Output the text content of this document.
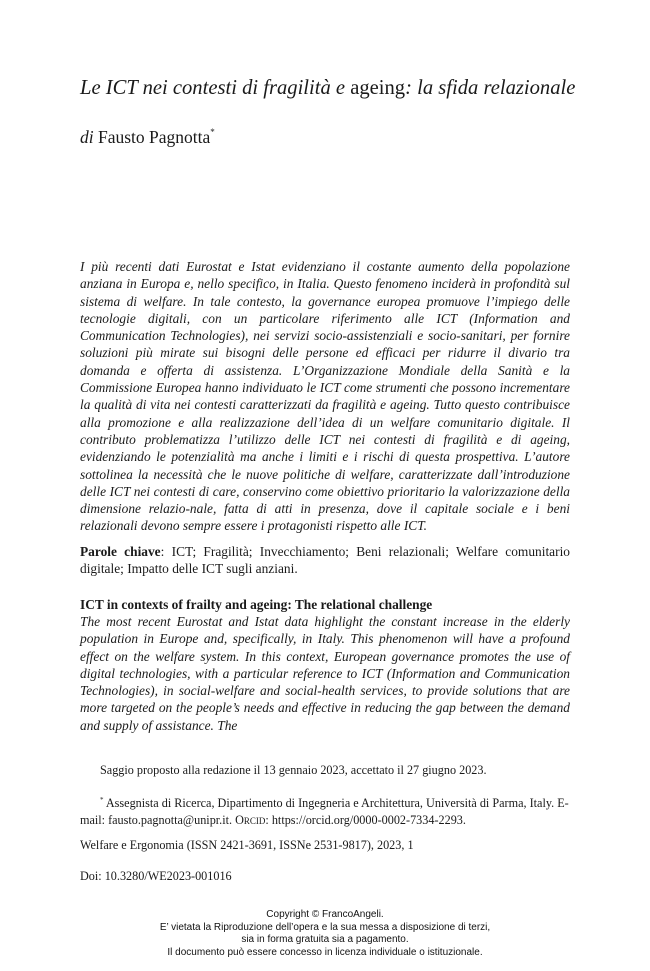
Le ICT nei contesti di fragilità e ageing: la sfida relazionale
di Fausto Pagnotta*

I più recenti dati Eurostat e Istat evidenziano il costante aumento della popolazione anziana in Europa e, nello specifico, in Italia. Questo fenomeno inciderà in profondità sul sistema di welfare. In tale contesto, la governance europea promuove l’impiego delle tecnologie digitali, con un particolare riferimento alle ICT (Information and Communication Technologies), nei servizi socio-assistenziali e socio-sanitari, per fornire soluzioni più mirate sui bisogni delle persone ed efficaci per ridurre il divario tra domanda e offerta di assistenza. L’Organizzazione Mondiale della Sanità e la Commissione Europea hanno individuato le ICT come strumenti che possono incrementare la qualità di vita nei contesti caratterizzati da fragilità e ageing. Tutto questo contribuisce alla promozione e alla realizzazione dell’idea di un welfare comunitario digitale. Il contributo problematizza l’utilizzo delle ICT nei contesti di fragilità e di ageing, evidenziando le potenzialità ma anche i limiti e i rischi di questa prospettiva. L’autore sottolinea la necessità che le nuove politiche di welfare, caratterizzate dall’introduzione delle ICT nei contesti di care, conservino come obiettivo prioritario la valorizzazione della dimensione relazio-nale, fatta di atti in presenza, dove il capitale sociale e i beni relazionali devono sempre essere i protagonisti rispetto alle ICT.

Parole chiave: ICT; Fragilità; Invecchiamento; Beni relazionali; Welfare comunitario digitale; Impatto delle ICT sugli anziani.
ICT in contexts of frailty and ageing: The relational challenge

The most recent Eurostat and Istat data highlight the constant increase in the elderly population in Europe and, specifically, in Italy. This phenomenon will have a profound effect on the welfare system. In this context, European governance promotes the use of digital technologies, with a particular reference to ICT (Information and Communication Technologies), in social-welfare and social-health services, to provide solutions that are more targeted on the people’s needs and effective in reducing the gap between the demand and supply of assistance. The

Saggio proposto alla redazione il 13 gennaio 2023, accettato il 27 giugno 2023.
* Assegnista di Ricerca, Dipartimento di Ingegneria e Architettura, Università di Parma, Italy. E-mail: fausto.pagnotta@unipr.it. Orcid: https://orcid.org/0000-0002-7334-2293.
Welfare e Ergonomia (ISSN 2421-3691, ISSNe 2531-9817), 2023, 1
Doi: 10.3280/WE2023-001016
Copyright © FrancoAngeli.
E’ vietata la Riproduzione dell’opera e la sua messa a disposizione di terzi,
sia in forma gratuita sia a pagamento.
Il documento può essere concesso in licenza individuale o istituzionale.
